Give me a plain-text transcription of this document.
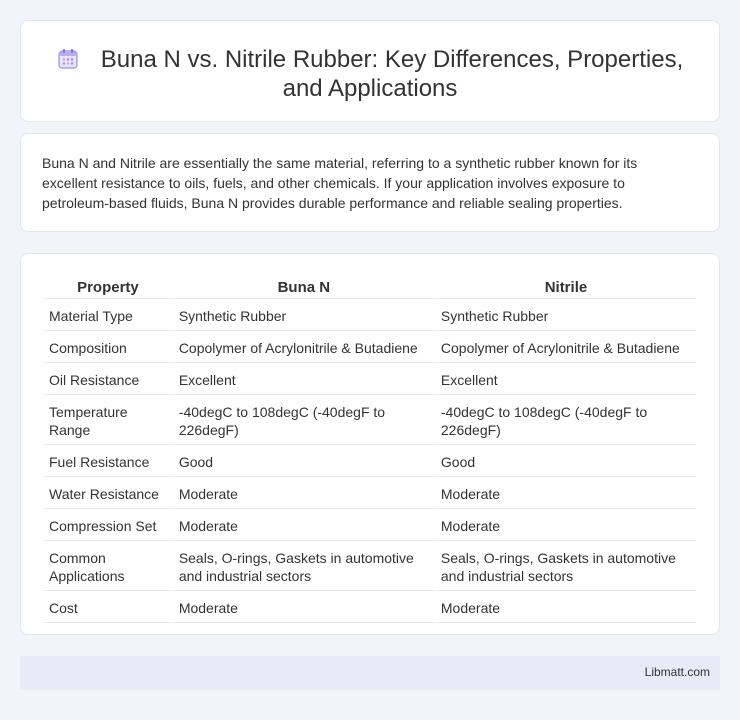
Buna N vs. Nitrile Rubber: Key Differences, Properties, and Applications

Buna N and Nitrile are essentially the same material, referring to a synthetic rubber known for its excellent resistance to oils, fuels, and other chemicals. If your application involves exposure to petroleum-based fluids, Buna N provides durable performance and reliable sealing properties.

Property	Buna N	Nitrile
Material Type	Synthetic Rubber	Synthetic Rubber
Composition	Copolymer of Acrylonitrile & Butadiene	Copolymer of Acrylonitrile & Butadiene
Oil Resistance	Excellent	Excellent
Temperature Range	-40degC to 108degC (-40degF to 226degF)	-40degC to 108degC (-40degF to 226degF)
Fuel Resistance	Good	Good
Water Resistance	Moderate	Moderate
Compression Set	Moderate	Moderate
Common Applications	Seals, O-rings, Gaskets in automotive and industrial sectors	Seals, O-rings, Gaskets in automotive and industrial sectors
Cost	Moderate	Moderate
Libmatt.com
